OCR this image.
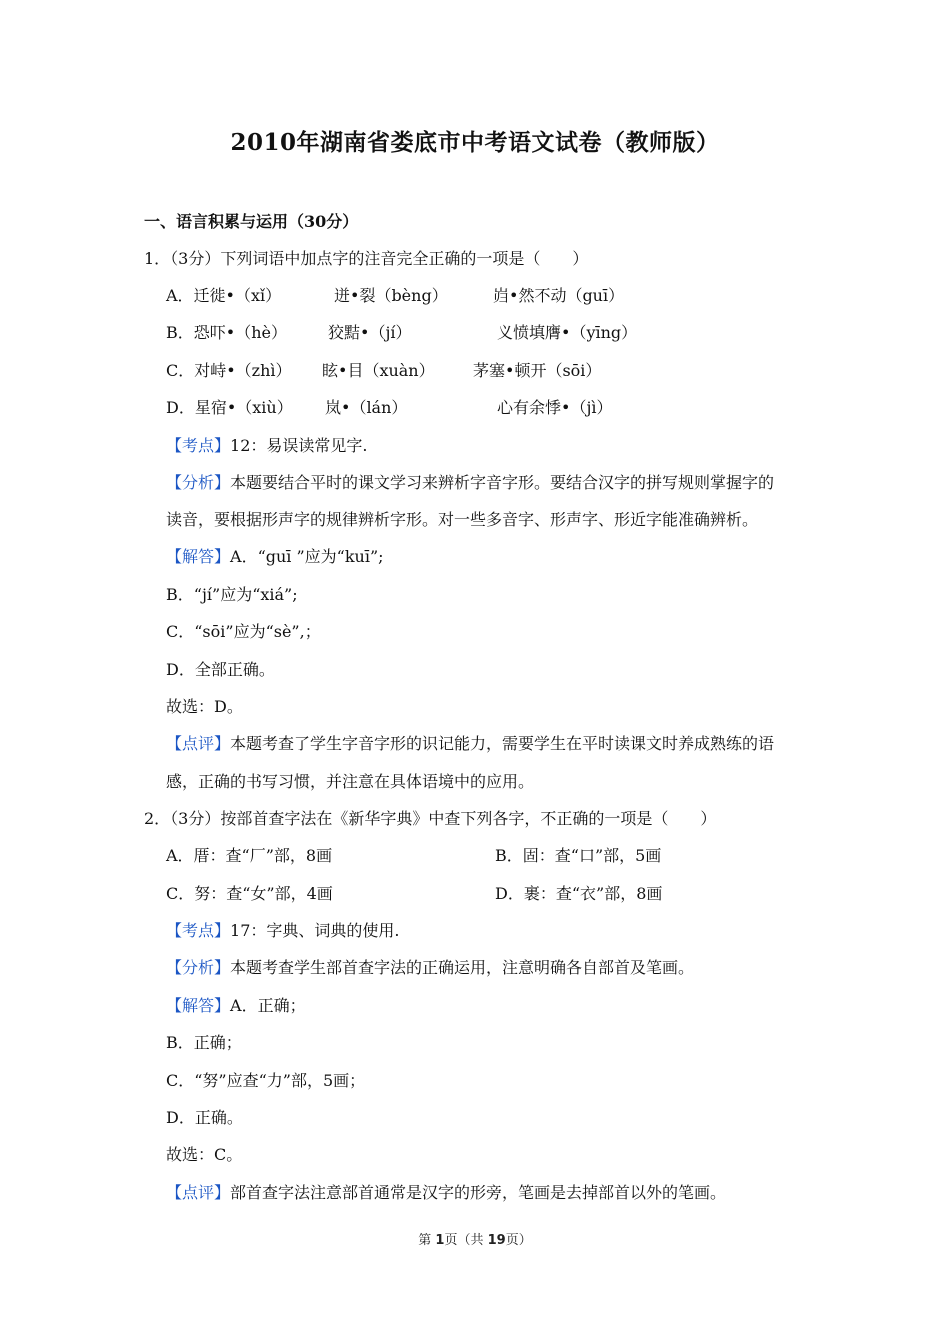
2010年湖南省娄底市中考语文试卷（教师版）
一、语言积累与运用（30分）
1．（3分）下列词语中加点字的注音完全正确的一项是（　　）
A．迁徙•（xǐ）	迸•裂（bèng）	岿•然不动（guī）
B．恐吓•（hè）	狡黠•（jí）	义愤填膺•（yīng）
C．对峙•（zhì） 眩•目（xuàn） 茅塞•顿开（sōi）
D．星宿•（xiù） 岚•（lán）	心有余悸•（jì）
【考点】12：易误读常见字.
【分析】本题要结合平时的课文学习来辨析字音字形。要结合汉字的拼写规则掌握字的
读音，要根据形声字的规律辨析字形。对一些多音字、形声字、形近字能准确辨析。
【解答】A．“guī ”应为“kuī”;
B．“jí”应为“xiá”;
C．“sōi”应为“sè”,；
D．全部正确。
故选：D。
【点评】本题考查了学生字音字形的识记能力，需要学生在平时读课文时养成熟练的语
感，正确的书写习惯，并注意在具体语境中的应用。
2．（3分）按部首查字法在《新华字典》中查下列各字，不正确的一项是（　　）
A．厝：查“厂”部，8画	B．固：查“口”部，5画
C．努：查“女”部，4画	D．裹：查“衣”部，8画
【考点】17：字典、词典的使用.
【分析】本题考查学生部首查字法的正确运用，注意明确各自部首及笔画。
【解答】A．正确；
B．正确；
C．“努”应查“力”部，5画；
D．正确。
故选：C。
【点评】部首查字法注意部首通常是汉字的形旁，笔画是去掉部首以外的笔画。
第 1页（共 19页）
